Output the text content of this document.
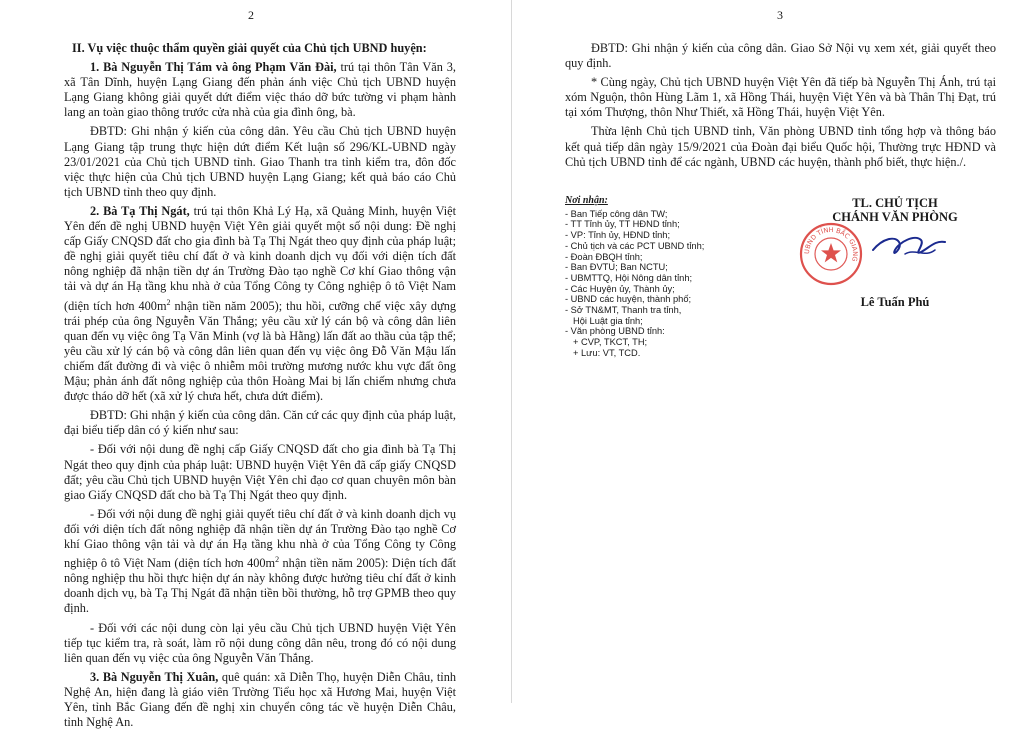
2

II. Vụ việc thuộc thẩm quyền giải quyết của Chủ tịch UBND huyện:

1. Bà Nguyễn Thị Tám và ông Phạm Văn Đài, trú tại thôn Tân Văn 3, xã Tân Dĩnh, huyện Lạng Giang đến phản ánh việc Chủ tịch UBND huyện Lạng Giang không giải quyết dứt điểm việc tháo dỡ bức tường vi phạm hành lang an toàn giao thông trước cửa nhà của gia đình ông, bà.

ĐBTD: Ghi nhận ý kiến của công dân. Yêu cầu Chủ tịch UBND huyện Lạng Giang tập trung thực hiện dứt điểm Kết luận số 296/KL-UBND ngày 23/01/2021 của Chủ tịch UBND tỉnh. Giao Thanh tra tỉnh kiểm tra, đôn đốc việc thực hiện của Chủ tịch UBND huyện Lạng Giang; kết quả báo cáo Chủ tịch UBND tỉnh theo quy định.

2. Bà Tạ Thị Ngát, trú tại thôn Khả Lý Hạ, xã Quảng Minh, huyện Việt Yên đến đề nghị UBND huyện Việt Yên giải quyết một số nội dung: Đề nghị cấp Giấy CNQSD đất cho gia đình bà Tạ Thị Ngát theo quy định của pháp luật; đề nghị giải quyết tiêu chí đất ở và kinh doanh dịch vụ đối với diện tích đất nông nghiệp đã nhận tiền dự án Trường Đào tạo nghề Cơ khí Giao thông vận tải và dự án Hạ tầng khu nhà ở của Tổng Công ty Công nghiệp ô tô Việt Nam (diện tích hơn $400m^2$ nhận tiền năm 2005); thu hồi, cưỡng chế việc xây dựng trái phép của ông Nguyễn Văn Thắng; yêu cầu xử lý cán bộ và công dân liên quan đến vụ việc ông Tạ Văn Minh (vợ là bà Hằng) lấn đất ao thầu của tập thể; yêu cầu xử lý cán bộ và công dân liên quan đến vụ việc ông Đỗ Văn Mậu lấn chiếm đất đường đi và việc ô nhiễm môi trường mương nước khu vực đất ông Mậu; phản ánh đất nông nghiệp của thôn Hoàng Mai bị lấn chiếm nhưng chưa được tháo dỡ hết (xã xử lý chưa hết, chưa dứt điểm).

ĐBTD: Ghi nhận ý kiến của công dân. Căn cứ các quy định của pháp luật, đại biểu tiếp dân có ý kiến như sau:

- Đối với nội dung đề nghị cấp Giấy CNQSD đất cho gia đình bà Tạ Thị Ngát theo quy định của pháp luật: UBND huyện Việt Yên đã cấp giấy CNQSD đất; yêu cầu Chủ tịch UBND huyện Việt Yên chỉ đạo cơ quan chuyên môn bàn giao Giấy CNQSD đất cho bà Tạ Thị Ngát theo quy định.

- Đối với nội dung đề nghị giải quyết tiêu chí đất ở và kinh doanh dịch vụ đối với diện tích đất nông nghiệp đã nhận tiền dự án Trường Đào tạo nghề Cơ khí Giao thông vận tải và dự án Hạ tầng khu nhà ở của Tổng Công ty Công nghiệp ô tô Việt Nam (diện tích hơn $400m^2$ nhận tiền năm 2005): Diện tích đất nông nghiệp thu hồi thực hiện dự án này không được hưởng tiêu chí đất ở kinh doanh dịch vụ, bà Tạ Thị Ngát đã nhận tiền bồi thường, hỗ trợ GPMB theo quy định.

- Đối với các nội dung còn lại yêu cầu Chủ tịch UBND huyện Việt Yên tiếp tục kiểm tra, rà soát, làm rõ nội dung công dân nêu, trong đó có nội dung liên quan đến vụ việc của ông Nguyễn Văn Thắng.

3. Bà Nguyễn Thị Xuân, quê quán: xã Diễn Thọ, huyện Diễn Châu, tỉnh Nghệ An, hiện đang là giáo viên Trường Tiểu học xã Hương Mai, huyện Việt Yên, tỉnh Bắc Giang đến đề nghị xin chuyển công tác về huyện Diễn Châu, tỉnh Nghệ An.

3

ĐBTD: Ghi nhận ý kiến của công dân. Giao Sở Nội vụ xem xét, giải quyết theo quy định.

* Cùng ngày, Chủ tịch UBND huyện Việt Yên đã tiếp bà Nguyễn Thị Ánh, trú tại xóm Nguộn, thôn Hùng Lãm 1, xã Hồng Thái, huyện Việt Yên và bà Thân Thị Đạt, trú tại xóm Thượng, thôn Như Thiết, xã Hồng Thái, huyện Việt Yên.

Thừa lệnh Chủ tịch UBND tỉnh, Văn phòng UBND tỉnh tổng hợp và thông báo kết quả tiếp dân ngày 15/9/2021 của Đoàn đại biểu Quốc hội, Thường trực HĐND và Chủ tịch UBND tỉnh để các ngành, UBND các huyện, thành phố biết, thực hiện./.

Nơi nhận:
- Ban Tiếp công dân TW;
- TT Tỉnh ủy, TT HĐND tỉnh;
- VP: Tỉnh ủy, HĐND tỉnh;
- Chủ tịch và các PCT UBND tỉnh;
- Đoàn ĐBQH tỉnh;
- Ban ĐVTU; Ban NCTU;
- UBMTTQ, Hội Nông dân tỉnh;
- Các Huyện ủy, Thành ủy;
- UBND các huyện, thành phố;
- Sở TN&MT, Thanh tra tỉnh,
Hội Luật gia tỉnh;
- Văn phòng UBND tỉnh:
+ CVP, TKCT, TH;
+ Lưu: VT, TCD.
TL. CHỦ TỊCH
CHÁNH VĂN PHÒNG
UBND TỈNH BẮC GIANG
Lê Tuấn Phú
